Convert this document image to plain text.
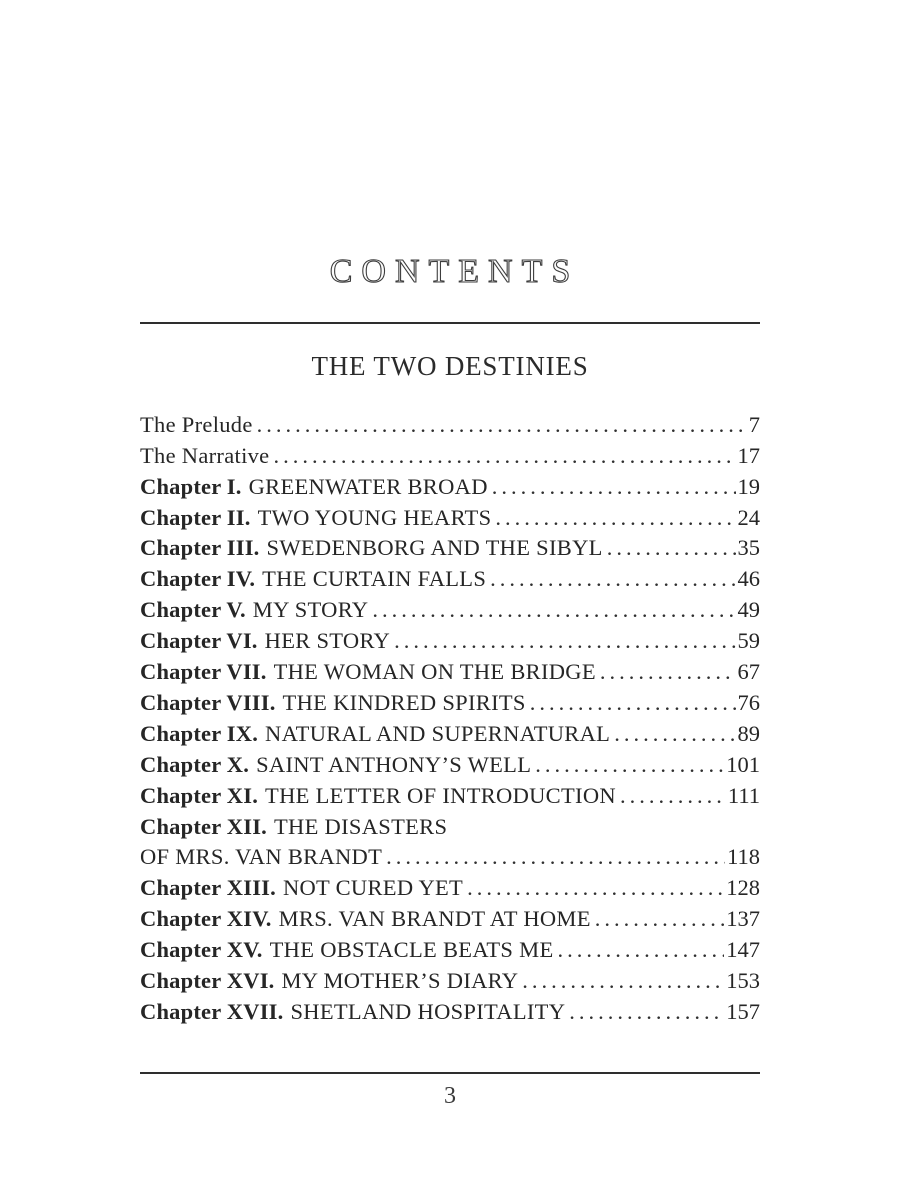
CONTENTS
THE TWO DESTINIES
The Prelude .....	7
The Narrative .....	17
Chapter I. GREENWATER BROAD .....	19
Chapter II. TWO YOUNG HEARTS .....	24
Chapter III. SWEDENBORG AND THE SIBYL .....	35
Chapter IV. THE CURTAIN FALLS .....	46
Chapter V. MY STORY .....	49
Chapter VI. HER STORY .....	59
Chapter VII. THE WOMAN ON THE BRIDGE .....	67
Chapter VIII. THE KINDRED SPIRITS .....	76
Chapter IX. NATURAL AND SUPERNATURAL .....	89
Chapter X. SAINT ANTHONY’S WELL .....	101
Chapter XI. THE LETTER OF INTRODUCTION .....	111
Chapter XII. THE DISASTERS
OF MRS. VAN BRANDT .....	118
Chapter XIII. NOT CURED YET .....	128
Chapter XIV. MRS. VAN BRANDT AT HOME .....	137
Chapter XV. THE OBSTACLE BEATS ME .....	147
Chapter XVI. MY MOTHER’S DIARY .....	153
Chapter XVII. SHETLAND HOSPITALITY .....	157
3
